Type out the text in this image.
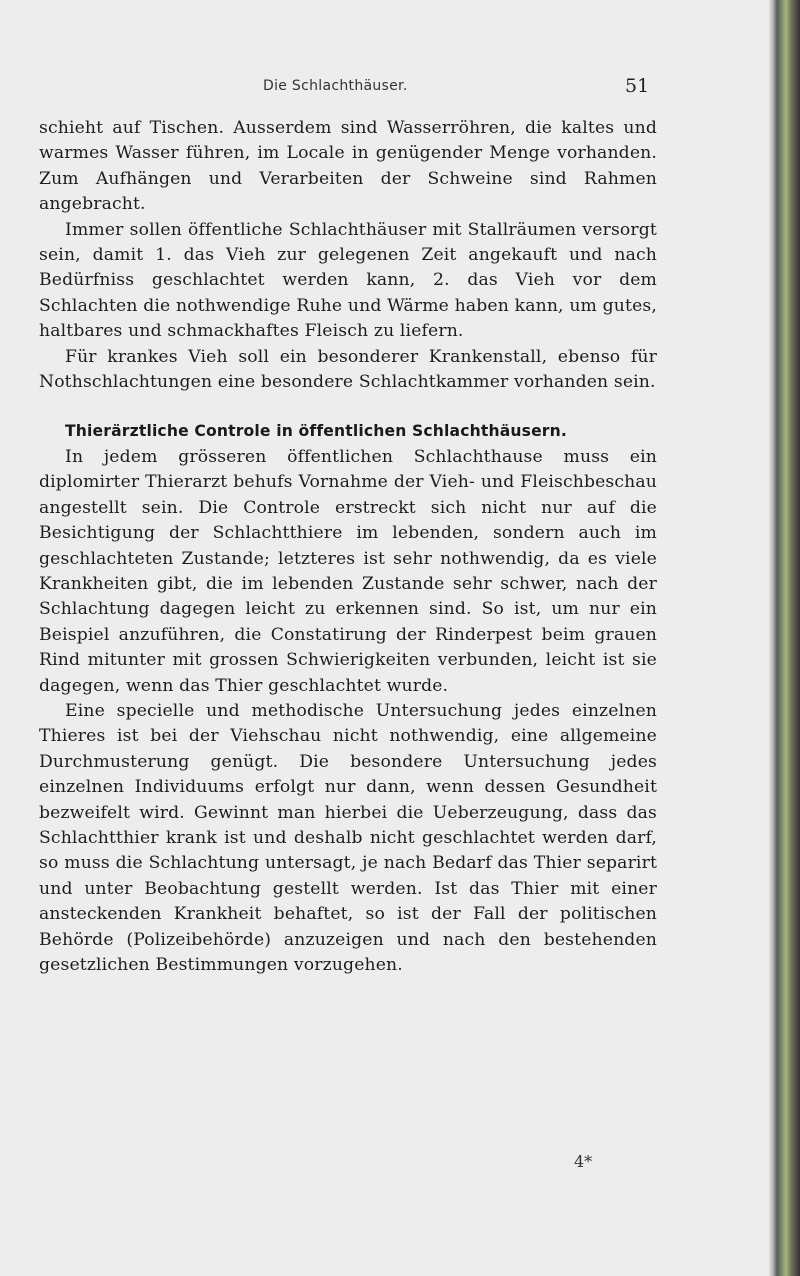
Die Schlachthäuser.	51

schieht auf Tischen. Ausserdem sind Wasserröhren, die kaltes und warmes Wasser führen, im Locale in genügender Menge vorhanden. Zum Aufhängen und Verarbeiten der Schweine sind Rahmen angebracht.

Immer sollen öffentliche Schlachthäuser mit Stallräumen versorgt sein, damit 1. das Vieh zur gelegenen Zeit angekauft und nach Bedürfniss geschlachtet werden kann, 2. das Vieh vor dem Schlachten die nothwendige Ruhe und Wärme haben kann, um gutes, haltbares und schmackhaftes Fleisch zu liefern.

Für krankes Vieh soll ein besonderer Krankenstall, ebenso für Nothschlachtungen eine besondere Schlachtkammer vorhanden sein.

Thierärztliche Controle in öffentlichen Schlachthäusern.

In jedem grösseren öffentlichen Schlachthause muss ein diplomirter Thierarzt behufs Vornahme der Vieh- und Fleischbeschau angestellt sein. Die Controle erstreckt sich nicht nur auf die Besichtigung der Schlachtthiere im lebenden, sondern auch im geschlachteten Zustande; letzteres ist sehr nothwendig, da es viele Krankheiten gibt, die im lebenden Zustande sehr schwer, nach der Schlachtung dagegen leicht zu erkennen sind. So ist, um nur ein Beispiel anzuführen, die Constatirung der Rinderpest beim grauen Rind mitunter mit grossen Schwierigkeiten verbunden, leicht ist sie dagegen, wenn das Thier geschlachtet wurde.

Eine specielle und methodische Untersuchung jedes einzelnen Thieres ist bei der Viehschau nicht nothwendig, eine allgemeine Durchmusterung genügt. Die besondere Untersuchung jedes einzelnen Individuums erfolgt nur dann, wenn dessen Gesundheit bezweifelt wird. Gewinnt man hierbei die Ueberzeugung, dass das Schlachtthier krank ist und deshalb nicht geschlachtet werden darf, so muss die Schlachtung untersagt, je nach Bedarf das Thier separirt und unter Beobachtung gestellt werden. Ist das Thier mit einer ansteckenden Krankheit behaftet, so ist der Fall der politischen Behörde (Polizeibehörde) anzuzeigen und nach den bestehenden gesetzlichen Bestimmungen vorzugehen.

4*
